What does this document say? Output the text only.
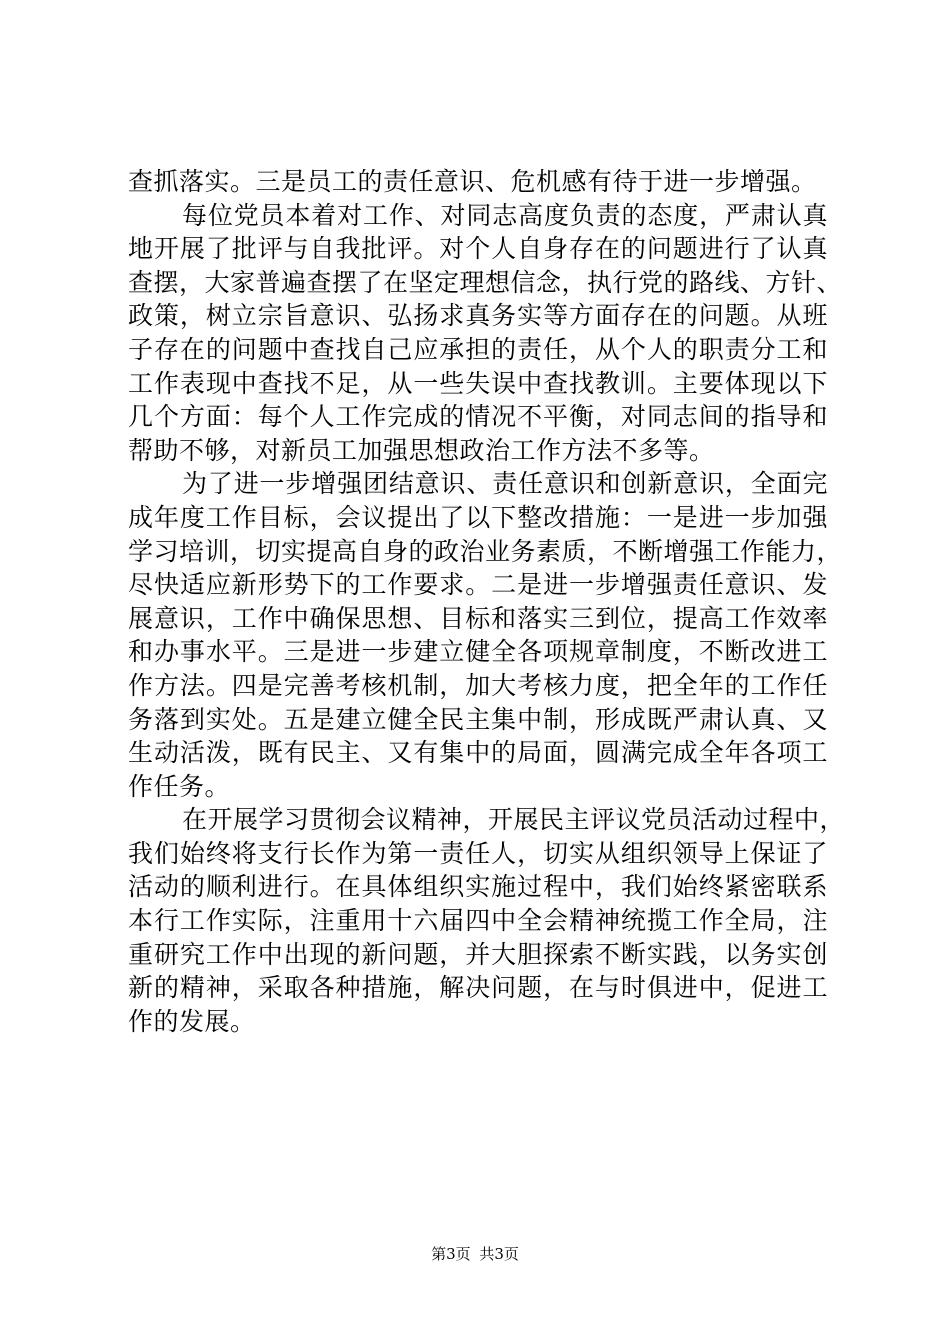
查抓落实。三是员工的责任意识、危机感有待于进一步增强。
每位党员本着对工作、对同志高度负责的态度，严肃认真
地开展了批评与自我批评。对个人自身存在的问题进行了认真
查摆，大家普遍查摆了在坚定理想信念，执行党的路线、方针、
政策，树立宗旨意识、弘扬求真务实等方面存在的问题。从班
子存在的问题中查找自己应承担的责任，从个人的职责分工和
工作表现中查找不足，从一些失误中查找教训。主要体现以下
几个方面：每个人工作完成的情况不平衡，对同志间的指导和
帮助不够，对新员工加强思想政治工作方法不多等。
为了进一步增强团结意识、责任意识和创新意识，全面完
成年度工作目标，会议提出了以下整改措施：一是进一步加强
学习培训，切实提高自身的政治业务素质，不断增强工作能力，
尽快适应新形势下的工作要求。二是进一步增强责任意识、发
展意识，工作中确保思想、目标和落实三到位，提高工作效率
和办事水平。三是进一步建立健全各项规章制度，不断改进工
作方法。四是完善考核机制，加大考核力度，把全年的工作任
务落到实处。五是建立健全民主集中制，形成既严肃认真、又
生动活泼，既有民主、又有集中的局面，圆满完成全年各项工
作任务。
在开展学习贯彻会议精神，开展民主评议党员活动过程中，
我们始终将支行长作为第一责任人，切实从组织领导上保证了
活动的顺利进行。在具体组织实施过程中，我们始终紧密联系
本行工作实际，注重用十六届四中全会精神统揽工作全局，注
重研究工作中出现的新问题，并大胆探索不断实践，以务实创
新的精神，采取各种措施，解决问题，在与时俱进中，促进工
作的发展。
第3页 共3页
